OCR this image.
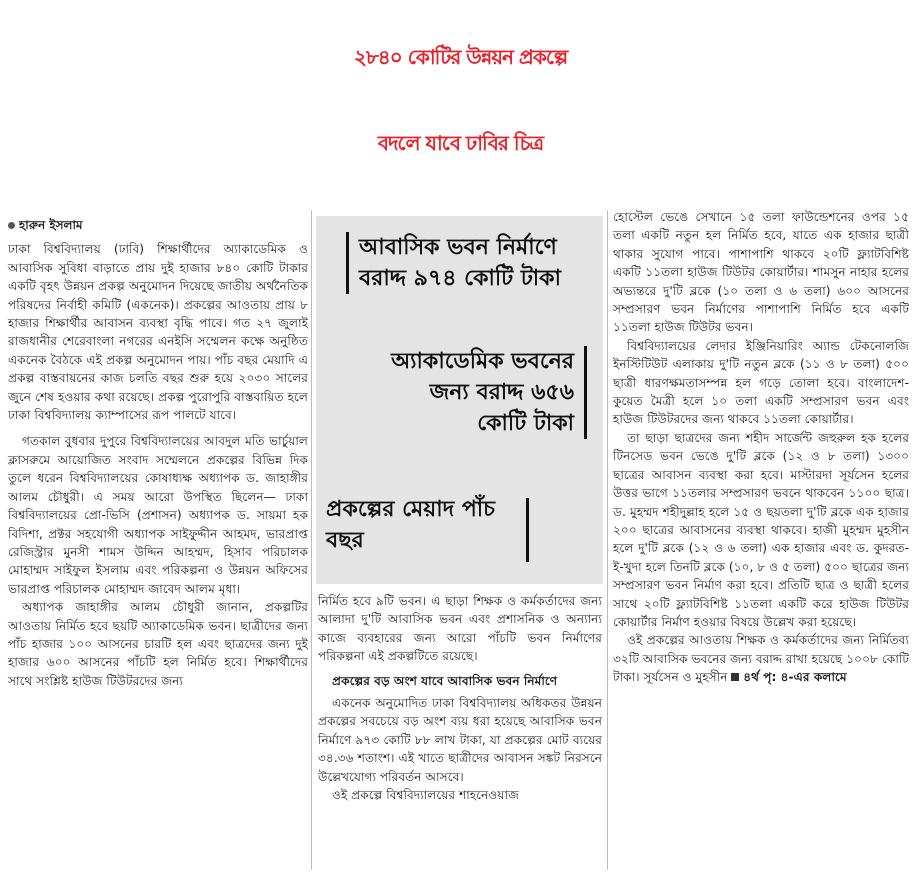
২৮৪০ কোটির উন্নয়ন প্রকল্পে
বদলে যাবে ঢাবির চিত্র
হারুন ইসলাম

ঢাকা বিশ্ববিদ্যালয় (ঢাবি) শিক্ষার্থীদের অ্যাকাডেমিক ও আবাসিক সুবিধা বাড়াতে প্রায় দুই হাজার ৮৪০ কোটি টাকার একটি বৃহৎ উন্নয়ন প্রকল্প অনুমোদন দিয়েছে জাতীয় অর্থনৈতিক পরিষদের নির্বাহী কমিটি (একনেক)। প্রকল্পের আওতায় প্রায় ৮ হাজার শিক্ষার্থীর আবাসন ব্যবস্থা বৃদ্ধি পাবে। গত ২৭ জুলাই রাজধানীর শেরেবাংলা নগরের এনইসি সম্মেলন কক্ষে অনুষ্ঠিত একনেক বৈঠকে এই প্রকল্প অনুমোদন পায়। পাঁচ বছর মেয়াদি এ প্রকল্প বাস্তবায়নের কাজ চলতি বছর শুরু হয়ে ২০৩০ সালের জুনে শেষ হওয়ার কথা রয়েছে। প্রকল্প পুরোপুরি বাস্তবায়িত হলে ঢাকা বিশ্ববিদ্যালয় ক্যাম্পাসের রূপ পালটে যাবে।

গতকাল বুধবার দুপুরে বিশ্ববিদ্যালয়ের আবদুল মতি ভার্চুয়াল ক্লাসরুমে আয়োজিত সংবাদ সম্মেলনে প্রকল্পের বিভিন্ন দিক তুলে ধরেন বিশ্ববিদ্যালয়ের কোষাধ্যক্ষ অধ্যাপক ড. জাহাঙ্গীর আলম চৌধুরী। এ সময় আরো উপস্থিত ছিলেন— ঢাকা বিশ্ববিদ্যালয়ের প্রো-ভিসি (প্রশাসন) অধ্যাপক ড. সায়মা হক বিদিশা, প্রক্টর সহযোগী অধ্যাপক সাইফুদ্দীন আহমদ, ভারপ্রাপ্ত রেজিস্ট্রার মুনসী শামস উদ্দিন আহম্মদ, হিসাব পরিচালক মোহাম্মদ সাইফুল ইসলাম এবং পরিকল্পনা ও উন্নয়ন অফিসের ভারপ্রাপ্ত পরিচালক মোহাম্মদ জাবেদ আলম মৃধা।

অধ্যাপক জাহাঙ্গীর আলম চৌধুরী জানান, প্রকল্পটির আওতায় নির্মিত হবে ছয়টি অ্যাকাডেমিক ভবন। ছাত্রীদের জন্য পাঁচ হাজার ১০০ আসনের চারটি হল এবং ছাত্রদের জন্য দুই হাজার ৬০০ আসনের পাঁচটি হল নির্মিত হবে। শিক্ষার্থীদের সাথে সংশ্লিষ্ট হাউজ টিউটরদের জন্য

আবাসিক ভবন নির্মাণে বরাদ্দ ৯৭৪ কোটি টাকা
অ্যাকাডেমিক ভবনের জন্য বরাদ্দ ৬৫৬ কোটি টাকা
প্রকল্পের মেয়াদ পাঁচ বছর

নির্মিত হবে ৯টি ভবন। এ ছাড়া শিক্ষক ও কর্মকর্তাদের জন্য আলাদা দু'টি আবাসিক ভবন এবং প্রশাসনিক ও অন্যান্য কাজে ব্যবহারের জন্য আরো পাঁচটি ভবন নির্মাণের পরিকল্পনা এই প্রকল্পটিতে রয়েছে।

প্রকল্পের বড় অংশ যাবে আবাসিক ভবন নির্মাণে

একনেক অনুমোদিত ঢাকা বিশ্ববিদ্যালয় অধিকতর উন্নয়ন প্রকল্পের সবচেয়ে বড় অংশ ব্যয় ধরা হয়েছে আবাসিক ভবন নির্মাণে ৯৭৩ কোটি ৮৮ লাখ টাকা, যা প্রকল্পের মোট ব্যয়ের ৩৪.৩৬ শতাংশ। এই খাতে ছাত্রীদের আবাসন সঙ্কট নিরসনে উল্লেখযোগ্য পরিবর্তন আসবে।

ওই প্রকল্পে বিশ্ববিদ্যালয়ের শাহনেওয়াজ

হোস্টেল ভেঙে সেখানে ১৫ তলা ফাউন্ডেশনের ওপর ১৫ তলা একটি নতুন হল নির্মিত হবে, যাতে এক হাজার ছাত্রী থাকার সুযোগ পাবে। পাশাপাশি থাকবে ২০টি ফ্ল্যাটবিশিষ্ট একটি ১১তলা হাউজ টিউটর কোয়ার্টার। শামসুন নাহার হলের অভ্যন্তরে দু'টি ব্লকে (১০ তলা ও ৬ তলা) ৬০০ আসনের সম্প্রসারণ ভবন নির্মাণের পাশাপাশি নির্মিত হবে একটি ১১তলা হাউজ টিউটর ভবন।

বিশ্ববিদ্যালয়ের লেদার ইঞ্জিনিয়ারিং অ্যান্ড টেকনোলজি ইনস্টিটিউট এলাকায় দু'টি নতুন ব্লকে (১১ ও ৮ তলা) ৫০০ ছাত্রী ধারণক্ষমতাসম্পন্ন হল গড়ে তোলা হবে। বাংলাদেশ-কুয়েত মৈত্রী হলে ১০ তলা একটি সম্প্রসারণ ভবন এবং হাউজ টিউটরদের জন্য থাকবে ১১তলা কোয়ার্টার।

তা ছাড়া ছাত্রদের জন্য শহীদ সার্জেন্ট জহুরুল হক হলের টিনসেড ভবন ভেঙে দু'টি ব্লকে (১২ ও ৮ তলা) ১৩০০ ছাত্রের আবাসন ব্যবস্থা করা হবে। মাস্টারদা সূর্যসেন হলের উত্তর ভাগে ১১তলার সম্প্রসারণ ভবনে থাকবেন ১১০০ ছাত্র। ড. মুহম্মদ শহীদুল্লাহ হলে ১৫ ও ছয়তলা দু'টি ব্লকে এক হাজার ২০০ ছাত্রের আবাসনের ব্যবস্থা থাকবে। হাজী মুহম্মদ মুহসীন হলে দু'টি ব্লকে (১২ ও ৬ তলা) এক হাজার এবং ড. কুদরত-ই-খুদা হলে তিনটি ব্লকে (১০, ৮ ও ৫ তলা) ৫০০ ছাত্রের জন্য সম্প্রসারণ ভবন নির্মাণ করা হবে। প্রতিটি ছাত্র ও ছাত্রী হলের সাথে ২০টি ফ্ল্যাটবিশিষ্ট ১১তলা একটি করে হাউজ টিউটর কোয়ার্টার নির্মাণ হওয়ার বিষয়ে উল্লেখ করা হয়েছে।

ওই প্রকল্পের আওতায় শিক্ষক ও কর্মকর্তাদের জন্য নির্মিতব্য ৩২টি আবাসিক ভবনের জন্য বরাদ্দ রাখা হয়েছে ১০০৮ কোটি টাকা। সূর্যসেন ও মুহসীন ৪র্থ পৃ: ৪-এর কলামে
